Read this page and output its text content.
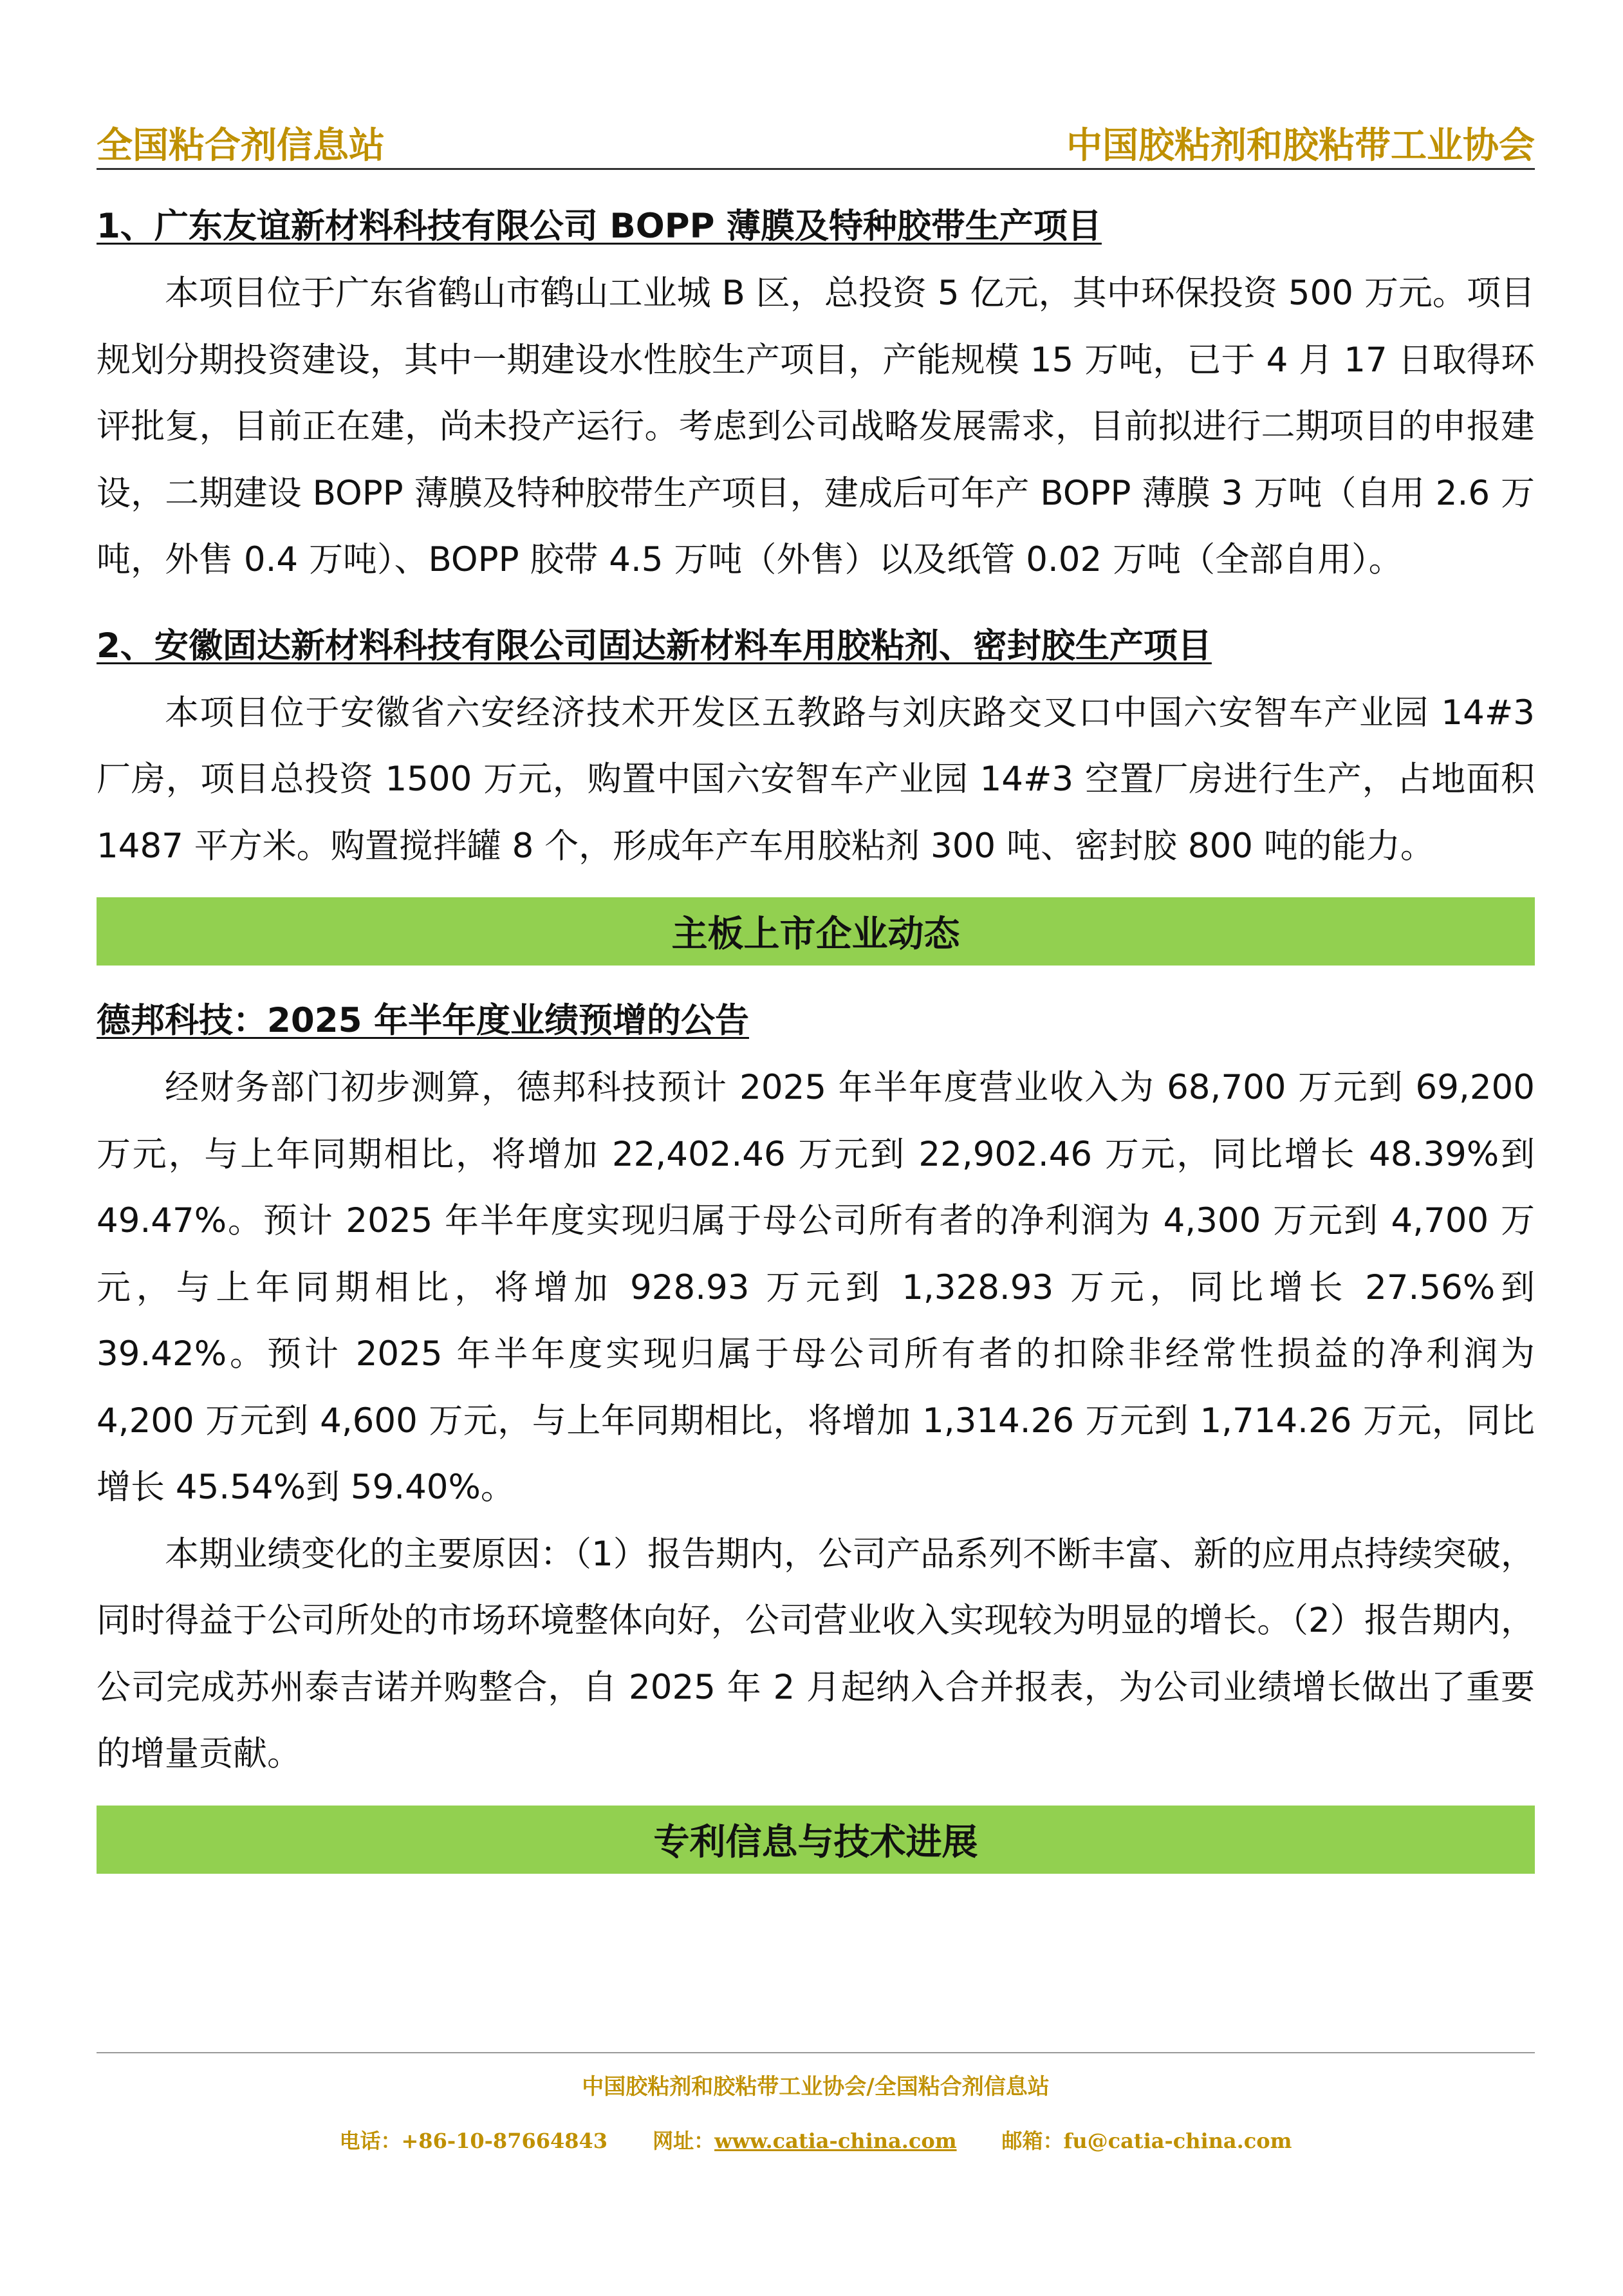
全国粘合剂信息站	中国胶粘剂和胶粘带工业协会
1、广东友谊新材料科技有限公司 BOPP 薄膜及特种胶带生产项目

本项目位于广东省鹤山市鹤山工业城 B 区，总投资 5 亿元，其中环保投资 500 万元。项目规划分期投资建设，其中一期建设水性胶生产项目，产能规模 15 万吨，已于 4 月 17 日取得环评批复，目前正在建，尚未投产运行。考虑到公司战略发展需求，目前拟进行二期项目的申报建设，二期建设 BOPP 薄膜及特种胶带生产项目，建成后可年产 BOPP 薄膜 3 万吨（自用 2.6 万吨，外售 0.4 万吨）、BOPP 胶带 4.5 万吨（外售）以及纸管 0.02 万吨（全部自用）。

2、安徽固达新材料科技有限公司固达新材料车用胶粘剂、密封胶生产项目

本项目位于安徽省六安经济技术开发区五教路与刘庆路交叉口中国六安智车产业园 14#3 厂房，项目总投资 1500 万元，购置中国六安智车产业园 14#3 空置厂房进行生产，占地面积 1487 平方米。购置搅拌罐 8 个，形成年产车用胶粘剂 300 吨、密封胶 800 吨的能力。

主板上市企业动态
德邦科技：2025 年半年度业绩预增的公告

经财务部门初步测算，德邦科技预计 2025 年半年度营业收入为 68,700 万元到 69,200 万元，与上年同期相比，将增加 22,402.46 万元到 22,902.46 万元，同比增长 48.39%到 49.47%。预计 2025 年半年度实现归属于母公司所有者的净利润为 4,300 万元到 4,700 万元，与上年同期相比，将增加 928.93 万元到 1,328.93 万元，同比增长 27.56%到 39.42%。预计 2025 年半年度实现归属于母公司所有者的扣除非经常性损益的净利润为 4,200 万元到 4,600 万元，与上年同期相比，将增加 1,314.26 万元到 1,714.26 万元，同比增长 45.54%到 59.40%。

本期业绩变化的主要原因：（1）报告期内，公司产品系列不断丰富、新的应用点持续突破，同时得益于公司所处的市场环境整体向好，公司营业收入实现较为明显的增长。（2）报告期内，公司完成苏州泰吉诺并购整合，自 2025 年 2 月起纳入合并报表，为公司业绩增长做出了重要的增量贡献。

专利信息与技术进展
中国胶粘剂和胶粘带工业协会/全国粘合剂信息站
电话：+86-10-87664843 网址：www.catia-china.com 邮箱：fu@catia-china.com
